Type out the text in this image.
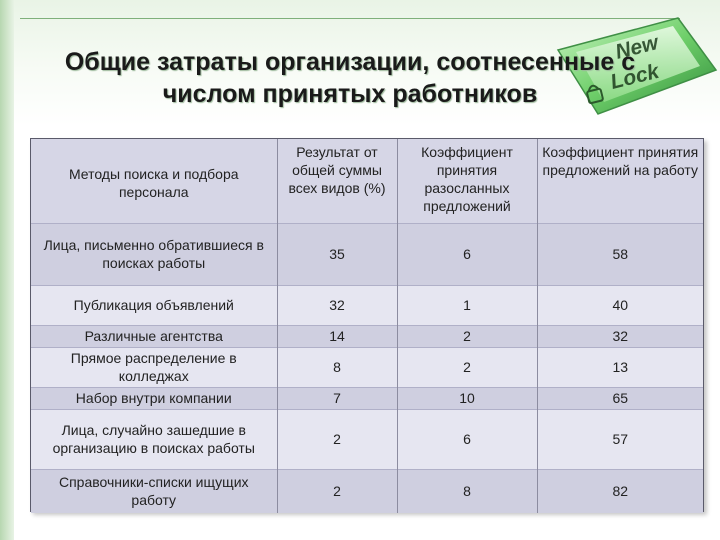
New
Lock
Общие затраты организации, соотнесенные с
числом принятых работников
Методы поиска и подбора персонала	Результат от общей суммы всех видов (%)	Коэффициент принятия разосланных предложений	Коэффициент принятия предложений на работу
Лица, письменно обратившиеся в поисках работы	35	6	58
Публикация объявлений	32	1	40
Различные агентства	14	2	32
Прямое распределение в колледжах	8	2	13
Набор внутри компании	7	10	65
Лица, случайно зашедшие в организацию в поисках работы	2	6	57
Справочники-списки ищущих работу	2	8	82
